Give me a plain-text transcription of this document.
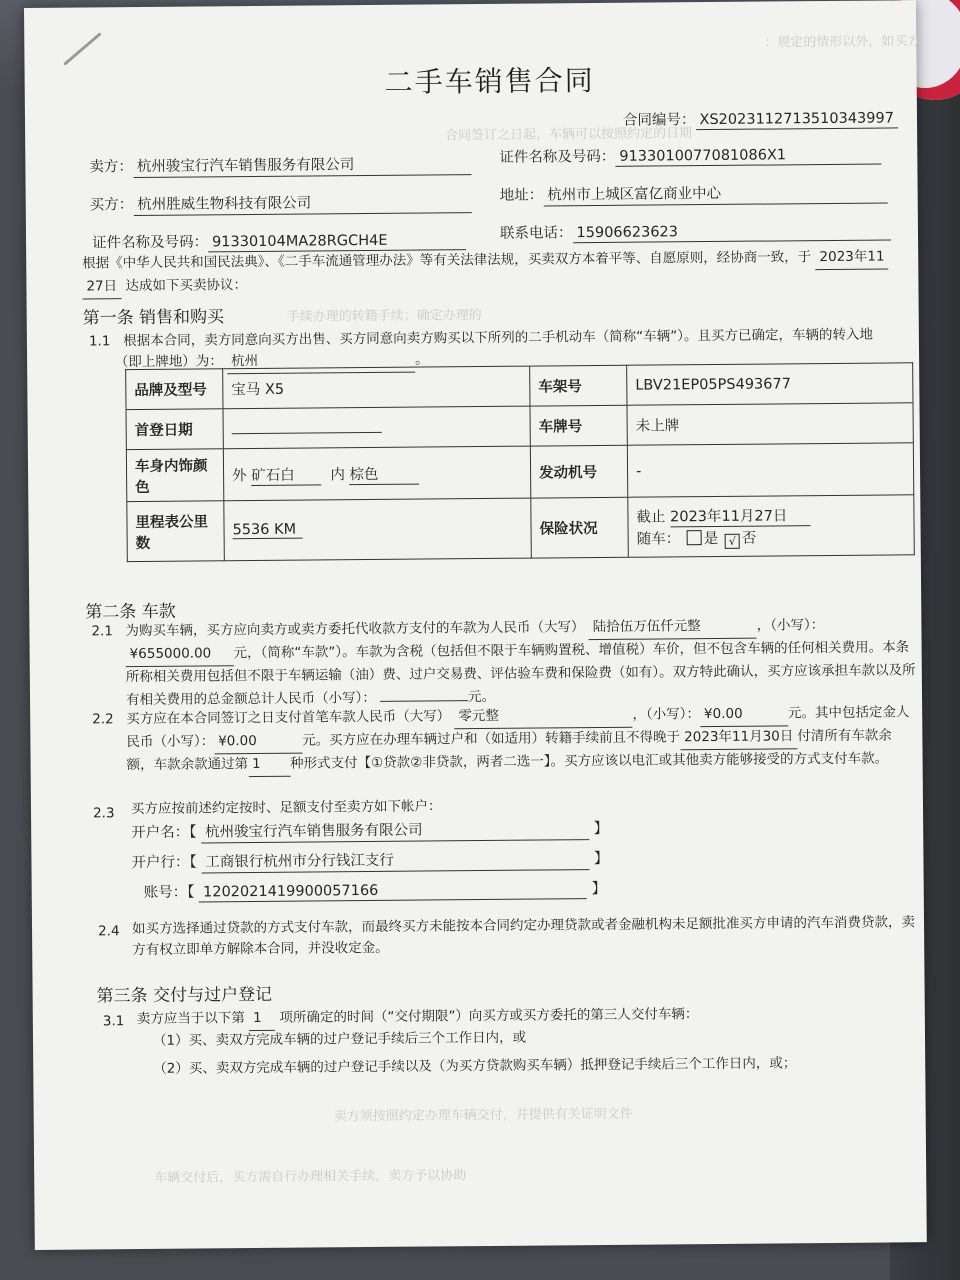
：规定的情形以外，如买方
合同签订之日起，车辆可以按照约定的日期
手续办理的转籍手续；确定办理的
卖方须按照约定办理车辆交付，并提供有关证明文件
车辆交付后，买方需自行办理相关手续，卖方予以协助
二手车销售合同
合同编号： XS2023112713510343997
卖方： 杭州骏宝行汽车销售服务有限公司	证件名称及号码： 9133010077081086X1
买方： 杭州胜威生物科技有限公司	地址： 杭州市上城区富亿商业中心
证件名称及号码： 91330104MA28RGCH4E	联系电话： 15906623623
根据《中华人民共和国民法典》、《二手车流通管理办法》等有关法律法规，买卖双方本着平等、自愿原则，经协商一致，于 2023年11
27日 达成如下买卖协议：
第一条 销售和购买
1.1 根据本合同，卖方同意向买方出售、买方同意向卖方购买以下所列的二手机动车（简称“车辆”）。且买方已确定，车辆的转入地
（即上牌地）为： 杭州	。
品牌及型号	宝马 X5	车架号	LBV21EP05PS493677
首登日期		车牌号	未上牌
车身内饰颜色	外 矿石白 内 棕色	发动机号	-
里程表公里数	5536 KM	保险状况	截止 2023年11月27日
随车： 是 √ 否
第二条 车款
2.1 为购买车辆，买方应向卖方或卖方委托代收款方支付的车款为人民币（大写） 陆拾伍万伍仟元整	，（小写）：¥655000.00 元，（简称“车款”）。车款为含税（包括但不限于车辆购置税、增值税）车价，但不包含车辆的任何相关费用。本条所称相关费用包括但不限于车辆运输（油）费、过户交易费、评估验车费和保险费（如有）。双方特此确认，买方应该承担车款以及所有相关费用的总金额总计人民币（小写）：	元。
2.2 买方应在本合同签订之日支付首笔车款人民币（大写） 零元整	，（小写）： ¥0.00	元。其中包括定金人民币（小写）： ¥0.00	元。买方应在办理车辆过户和（如适用）转籍手续前且不得晚于 2023年11月30日 付清所有车款余额，车款余款通过第 1 种形式支付【①贷款②非贷款，两者二选一】。买方应该以电汇或其他卖方能够接受的方式支付车款。
2.3	买方应按前述约定按时、足额支付至卖方如下帐户：
开户名：【 杭州骏宝行汽车销售服务有限公司	】
开户行：【 工商银行杭州市分行钱江支行	】
账号：【 1202021419900057166	】
2.4 如买方选择通过贷款的方式支付车款，而最终买方未能按本合同约定办理贷款或者金融机构未足额批准买方申请的汽车消费贷款，卖方有权立即单方解除本合同，并没收定金。
第三条 交付与过户登记
3.1 卖方应当于以下第 1 项所确定的时间（“交付期限”）向买方或买方委托的第三人交付车辆：
（1）买、卖双方完成车辆的过户登记手续后三个工作日内，或
（2）买、卖双方完成车辆的过户登记手续以及（为买方贷款购买车辆）抵押登记手续后三个工作日内，或；
